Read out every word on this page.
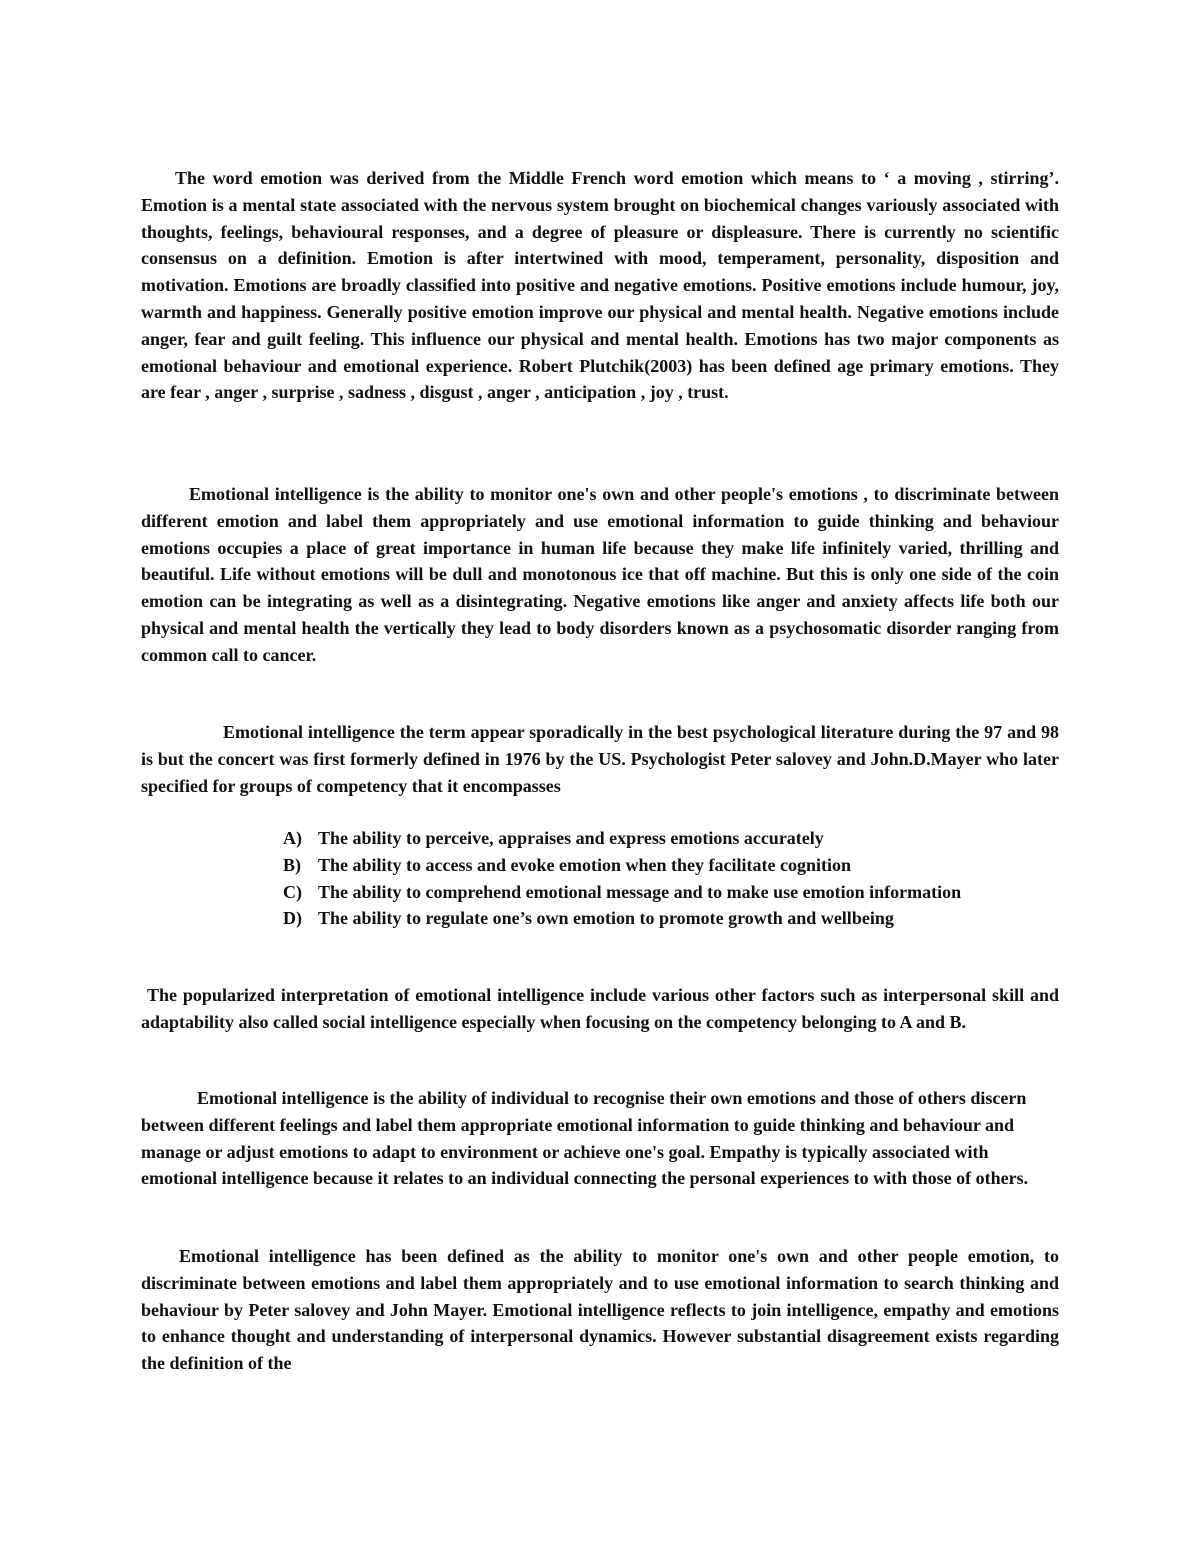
The word emotion was derived from the Middle French word emotion which means to ‘ a moving , stirring’. Emotion is a mental state associated with the nervous system brought on biochemical changes variously associated with thoughts, feelings, behavioural responses, and a degree of pleasure or displeasure. There is currently no scientific consensus on a definition. Emotion is after intertwined with mood, temperament, personality, disposition and motivation. Emotions are broadly classified into positive and negative emotions. Positive emotions include humour, joy, warmth and happiness. Generally positive emotion improve our physical and mental health. Negative emotions include anger, fear and guilt feeling. This influence our physical and mental health. Emotions has two major components as emotional behaviour and emotional experience. Robert Plutchik(2003) has been defined age primary emotions. They are fear , anger , surprise , sadness , disgust , anger , anticipation , joy , trust.

Emotional intelligence is the ability to monitor one's own and other people's emotions , to discriminate between different emotion and label them appropriately and use emotional information to guide thinking and behaviour emotions occupies a place of great importance in human life because they make life infinitely varied, thrilling and beautiful. Life without emotions will be dull and monotonous ice that off machine. But this is only one side of the coin emotion can be integrating as well as a disintegrating. Negative emotions like anger and anxiety affects life both our physical and mental health the vertically they lead to body disorders known as a psychosomatic disorder ranging from common call to cancer.

Emotional intelligence the term appear sporadically in the best psychological literature during the 97 and 98 is but the concert was first formerly defined in 1976 by the US. Psychologist Peter salovey and John.D.Mayer who later specified for groups of competency that it encompasses

A) The ability to perceive, appraises and express emotions accurately
B) The ability to access and evoke emotion when they facilitate cognition
C) The ability to comprehend emotional message and to make use emotion information
D) The ability to regulate one’s own emotion to promote growth and wellbeing

The popularized interpretation of emotional intelligence include various other factors such as interpersonal skill and adaptability also called social intelligence especially when focusing on the competency belonging to A and B.

Emotional intelligence is the ability of individual to recognise their own emotions and those of others discern between different feelings and label them appropriate emotional information to guide thinking and behaviour and manage or adjust emotions to adapt to environment or achieve one's goal. Empathy is typically associated with emotional intelligence because it relates to an individual connecting the personal experiences to with those of others.

Emotional intelligence has been defined as the ability to monitor one's own and other people emotion, to discriminate between emotions and label them appropriately and to use emotional information to search thinking and behaviour by Peter salovey and John Mayer. Emotional intelligence reflects to join intelligence, empathy and emotions to enhance thought and understanding of interpersonal dynamics. However substantial disagreement exists regarding the definition of the
